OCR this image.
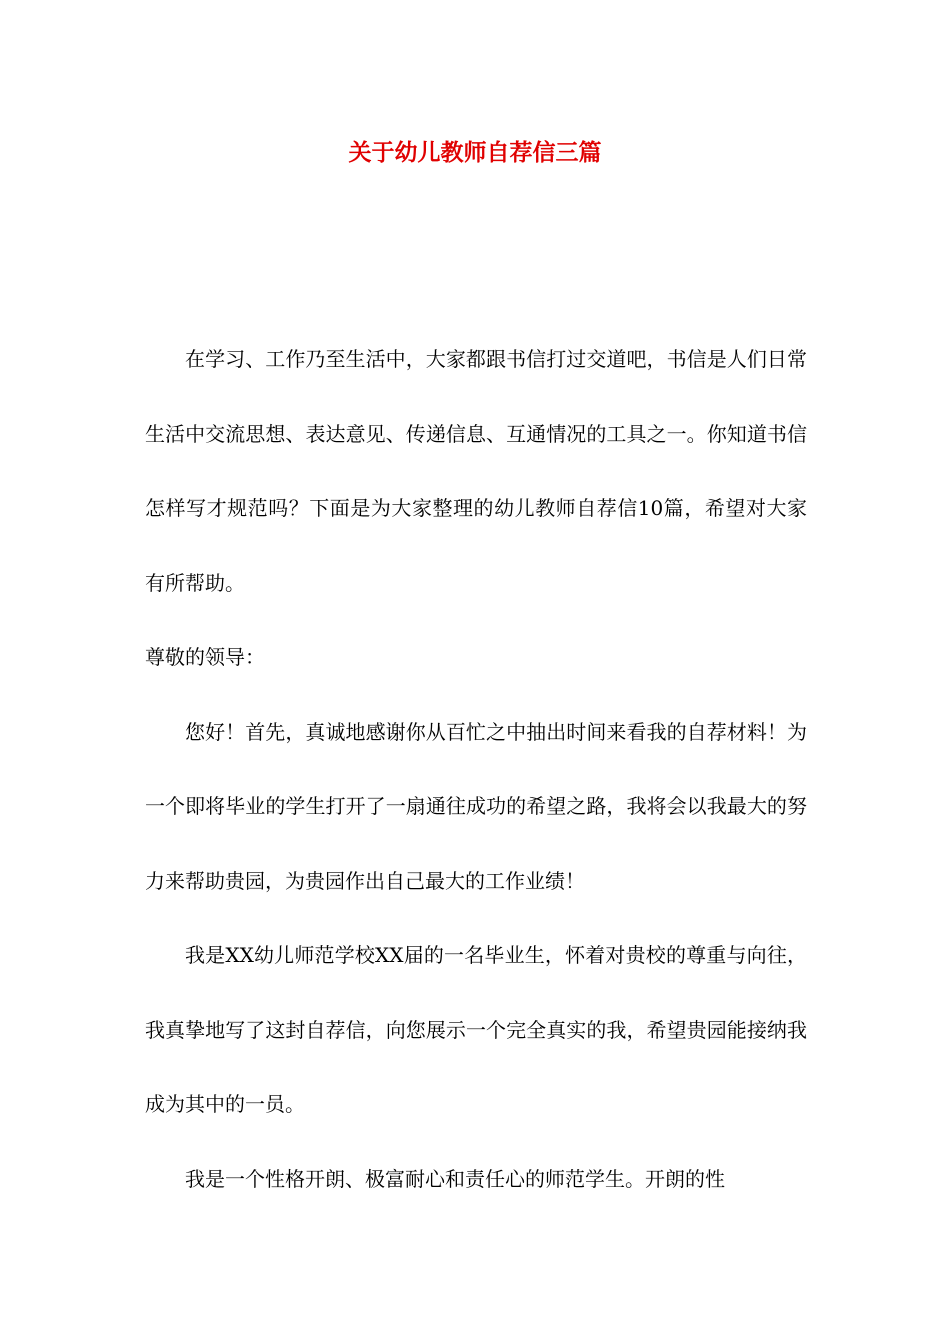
关于幼儿教师自荐信三篇

在学习、工作乃至生活中，大家都跟书信打过交道吧，书信是人们日常生活中交流思想、表达意见、传递信息、互通情况的工具之一。你知道书信怎样写才规范吗？下面是为大家整理的幼儿教师自荐信10篇，希望对大家有所帮助。

尊敬的领导：

您好！首先，真诚地感谢你从百忙之中抽出时间来看我的自荐材料！为一个即将毕业的学生打开了一扇通往成功的希望之路，我将会以我最大的努力来帮助贵园，为贵园作出自己最大的工作业绩！

我是XX幼儿师范学校XX届的一名毕业生，怀着对贵校的尊重与向往，我真挚地写了这封自荐信，向您展示一个完全真实的我，希望贵园能接纳我成为其中的一员。

我是一个性格开朗、极富耐心和责任心的师范学生。开朗的性
